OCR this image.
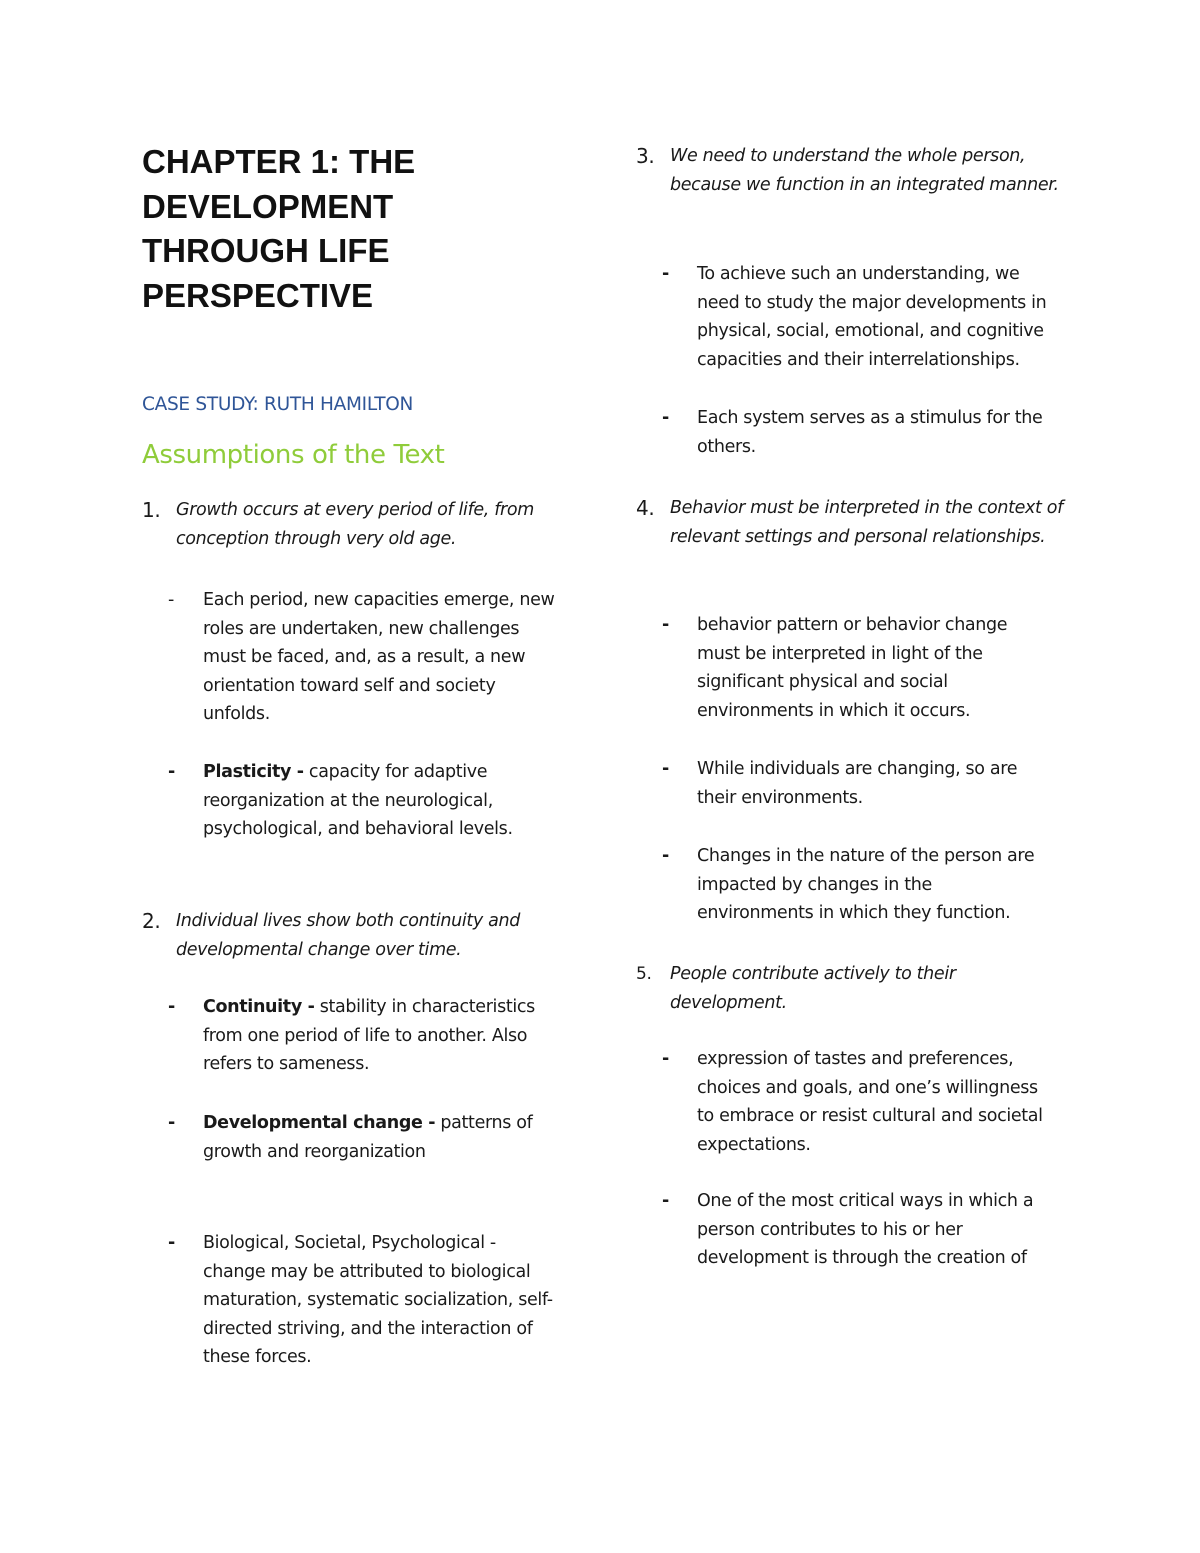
CHAPTER 1: THE
DEVELOPMENT
THROUGH LIFE
PERSPECTIVE

CASE STUDY: RUTH HAMILTON

Assumptions of the Text
1. Growth occurs at every period of life, from conception through very old age.
- Each period, new capacities emerge, new roles are undertaken, new challenges must be faced, and, as a result, a new orientation toward self and society unfolds.
- Plasticity - capacity for adaptive reorganization at the neurological, psychological, and behavioral levels.
2. Individual lives show both continuity and developmental change over time.
- Continuity - stability in characteristics from one period of life to another. Also refers to sameness.
- Developmental change - patterns of growth and reorganization
- Biological, Societal, Psychological - change may be attributed to biological maturation, systematic socialization, self-directed striving, and the interaction of these forces.
3. We need to understand the whole person, because we function in an integrated manner.
- To achieve such an understanding, we need to study the major developments in physical, social, emotional, and cognitive capacities and their interrelationships.
- Each system serves as a stimulus for the others.
4. Behavior must be interpreted in the context of relevant settings and personal relationships.
- behavior pattern or behavior change must be interpreted in light of the significant physical and social environments in which it occurs.
- While individuals are changing, so are their environments.
- Changes in the nature of the person are impacted by changes in the environments in which they function.
5. People contribute actively to their development.
- expression of tastes and preferences, choices and goals, and one’s willingness to embrace or resist cultural and societal expectations.
- One of the most critical ways in which a person contributes to his or her development is through the creation of
